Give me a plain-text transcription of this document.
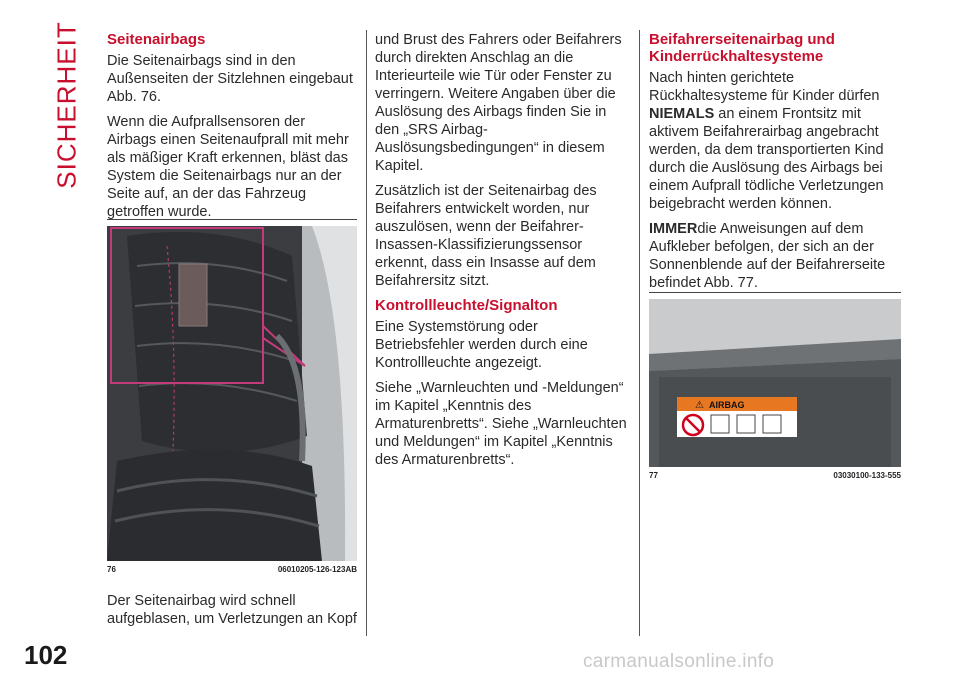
SICHERHEIT Seitenairbags

Die Seitenairbags sind in den Außenseiten der Sitzlehnen eingebaut Abb. 76.

Wenn die Aufprallsensoren der Airbags einen Seitenaufprall mit mehr als mäßiger Kraft erkennen, bläst das System die Seitenairbags nur an der Seite auf, an der das Fahrzeug getroffen wurde.

76	06010205-126-123AB

Der Seitenairbag wird schnell aufgeblasen, um Verletzungen an Kopf

und Brust des Fahrers oder Beifahrers durch direkten Anschlag an die Interieurteile wie Tür oder Fenster zu verringern. Weitere Angaben über die Auslösung des Airbags finden Sie in den „SRS Airbag-Auslösungsbedingungen“ in diesem Kapitel.

Zusätzlich ist der Seitenairbag des Beifahrers entwickelt worden, nur auszulösen, wenn der Beifahrer-Insassen-Klassifizierungssensor erkennt, dass ein Insasse auf dem Beifahrersitz sitzt.

Kontrollleuchte/Signalton

Eine Systemstörung oder Betriebsfehler werden durch eine Kontrollleuchte angezeigt.

Siehe „Warnleuchten und -Meldungen“ im Kapitel „Kenntnis des Armaturenbretts“. Siehe „Warnleuchten und Meldungen“ im Kapitel „Kenntnis des Armaturenbretts“.

Beifahrerseitenairbag und Kinderrückhaltesysteme

Nach hinten gerichtete Rückhaltesysteme für Kinder dürfen NIEMALS an einem Frontsitz mit aktivem Beifahrerairbag angebracht werden, da dem transportierten Kind durch die Auslösung des Airbags bei einem Aufprall tödliche Verletzungen beigebracht werden können.

IMMERdie Anweisungen auf dem Aufkleber befolgen, der sich an der Sonnenblende auf der Beifahrerseite befindet Abb. 77.

⚠ AIRBAG
77	03030100-133-555
102	carmanualsonline.info
